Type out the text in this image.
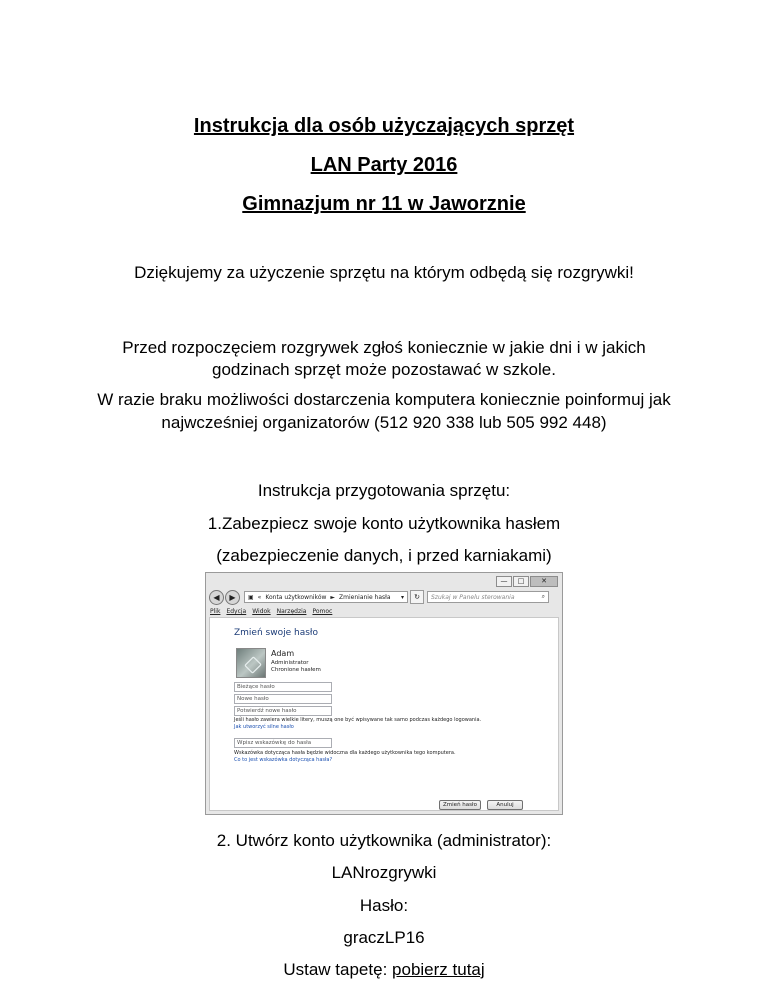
Instrukcja dla osób użyczających sprzęt
LAN Party 2016
Gimnazjum nr 11 w Jaworznie
Dziękujemy za użyczenie sprzętu na którym odbędą się rozgrywki!
Przed rozpoczęciem rozgrywek zgłoś koniecznie w jakie dni i w jakich
godzinach sprzęt może pozostawać w szkole.
W razie braku możliwości dostarczenia komputera koniecznie poinformuj jak
najwcześniej organizatorów (512 920 338 lub 505 992 448)
Instrukcja przygotowania sprzętu:
1.Zabezpiecz swoje konto użytkownika hasłem
(zabezpieczenie danych, i przed karniakami)
—	□	✕
◀	▶	▣ « Konta użytkowników ► Zmienianie hasła ▾	↻	Szukaj w Panelu sterowania	⌕
Plik Edycja Widok Narzędzia Pomoc
Zmień swoje hasło
Adam
Administrator
Chronione hasłem
Bieżące hasło
Nowe hasło
Potwierdź nowe hasło
Jeśli hasło zawiera wielkie litery, muszą one być wpisywane tak samo podczas każdego logowania.
Jak utworzyć silne hasło
Wpisz wskazówkę do hasła
Wskazówka dotycząca hasła będzie widoczna dla każdego użytkownika tego komputera.
Co to jest wskazówka dotycząca hasła?
Zmień hasło	Anuluj
2. Utwórz konto użytkownika (administrator):
LANrozgrywki
Hasło:
graczLP16
Ustaw tapetę: pobierz tutaj
